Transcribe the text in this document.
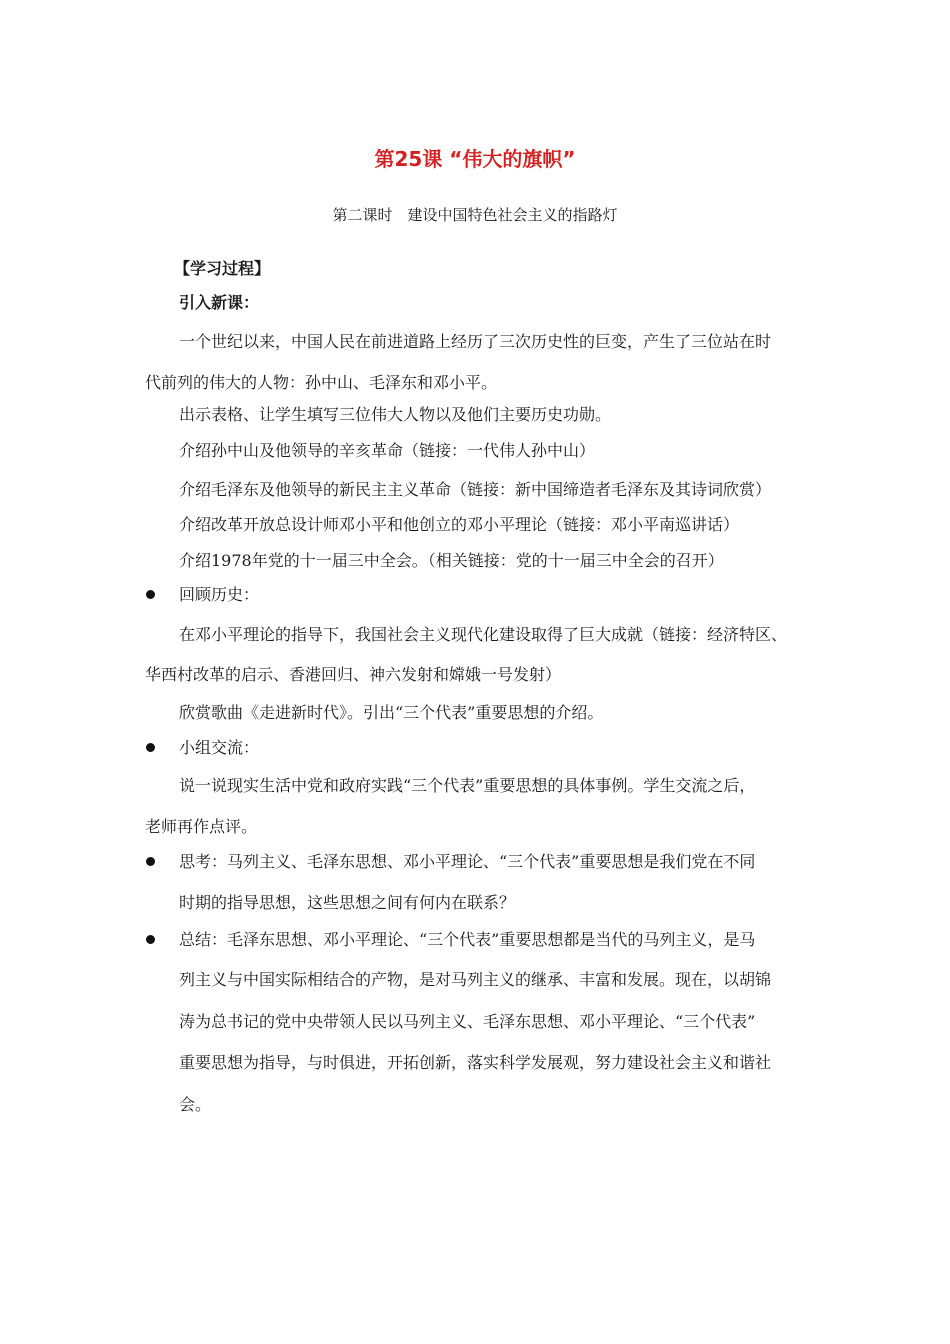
第25课 “伟大的旗帜”
第二课时　建设中国特色社会主义的指路灯
【学习过程】
引入新课：
一个世纪以来，中国人民在前进道路上经历了三次历史性的巨变，产生了三位站在时
代前列的伟大的人物：孙中山、毛泽东和邓小平。
出示表格、让学生填写三位伟大人物以及他们主要历史功勋。
介绍孙中山及他领导的辛亥革命（链接：一代伟人孙中山）
介绍毛泽东及他领导的新民主主义革命（链接：新中国缔造者毛泽东及其诗词欣赏）
介绍改革开放总设计师邓小平和他创立的邓小平理论（链接：邓小平南巡讲话）
介绍1978年党的十一届三中全会。（相关链接：党的十一届三中全会的召开）
回顾历史：
在邓小平理论的指导下，我国社会主义现代化建设取得了巨大成就（链接：经济特区、
华西村改革的启示、香港回归、神六发射和嫦娥一号发射）
欣赏歌曲《走进新时代》。引出“三个代表”重要思想的介绍。
小组交流：
说一说现实生活中党和政府实践“三个代表”重要思想的具体事例。学生交流之后，
老师再作点评。
思考：马列主义、毛泽东思想、邓小平理论、“三个代表”重要思想是我们党在不同
时期的指导思想，这些思想之间有何内在联系？
总结：毛泽东思想、邓小平理论、“三个代表”重要思想都是当代的马列主义，是马
列主义与中国实际相结合的产物，是对马列主义的继承、丰富和发展。现在，以胡锦
涛为总书记的党中央带领人民以马列主义、毛泽东思想、邓小平理论、“三个代表”
重要思想为指导，与时俱进，开拓创新，落实科学发展观，努力建设社会主义和谐社
会。
